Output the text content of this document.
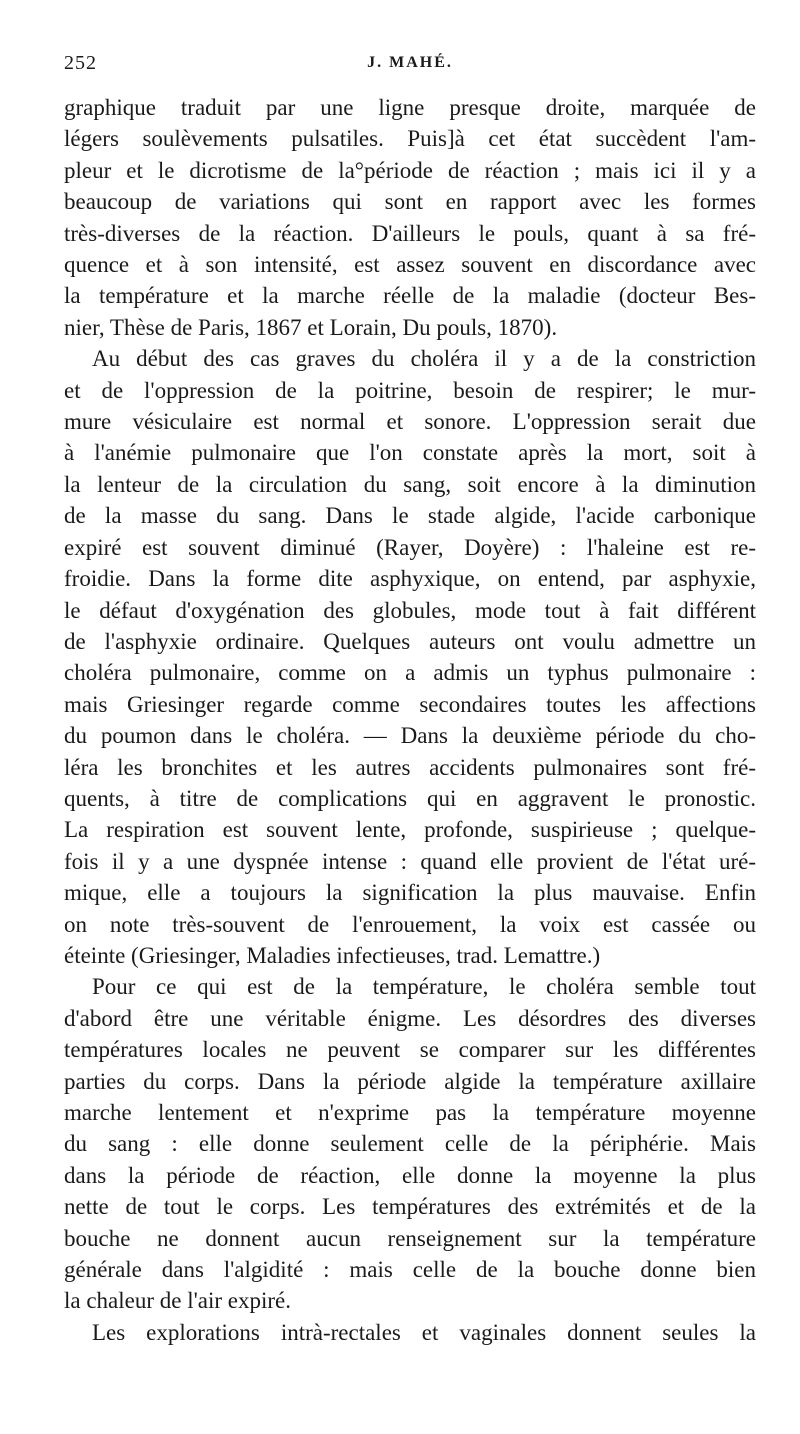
252	J. MAHÉ.

graphique traduit par une ligne presque droite, marquée de
légers soulèvements pulsatiles. Puis]à cet état succèdent l'am-
pleur et le dicrotisme de la°période de réaction ; mais ici il y a
beaucoup de variations qui sont en rapport avec les formes
très-diverses de la réaction. D'ailleurs le pouls, quant à sa fré-
quence et à son intensité, est assez souvent en discordance avec
la température et la marche réelle de la maladie (docteur Bes-
nier, Thèse de Paris, 1867 et Lorain, Du pouls, 1870).

Au début des cas graves du choléra il y a de la constriction
et de l'oppression de la poitrine, besoin de respirer; le mur-
mure vésiculaire est normal et sonore. L'oppression serait due
à l'anémie pulmonaire que l'on constate après la mort, soit à
la lenteur de la circulation du sang, soit encore à la diminution
de la masse du sang. Dans le stade algide, l'acide carbonique
expiré est souvent diminué (Rayer, Doyère) : l'haleine est re-
froidie. Dans la forme dite asphyxique, on entend, par asphyxie,
le défaut d'oxygénation des globules, mode tout à fait différent
de l'asphyxie ordinaire. Quelques auteurs ont voulu admettre un
choléra pulmonaire, comme on a admis un typhus pulmonaire :
mais Griesinger regarde comme secondaires toutes les affections
du poumon dans le choléra. — Dans la deuxième période du cho-
léra les bronchites et les autres accidents pulmonaires sont fré-
quents, à titre de complications qui en aggravent le pronostic.
La respiration est souvent lente, profonde, suspirieuse ; quelque-
fois il y a une dyspnée intense : quand elle provient de l'état uré-
mique, elle a toujours la signification la plus mauvaise. Enfin
on note très-souvent de l'enrouement, la voix est cassée ou
éteinte (Griesinger, Maladies infectieuses, trad. Lemattre.)

Pour ce qui est de la température, le choléra semble tout
d'abord être une véritable énigme. Les désordres des diverses
températures locales ne peuvent se comparer sur les différentes
parties du corps. Dans la période algide la température axillaire
marche lentement et n'exprime pas la température moyenne
du sang : elle donne seulement celle de la périphérie. Mais
dans la période de réaction, elle donne la moyenne la plus
nette de tout le corps. Les températures des extrémités et de la
bouche ne donnent aucun renseignement sur la température
générale dans l'algidité : mais celle de la bouche donne bien
la chaleur de l'air expiré.

Les explorations intrà-rectales et vaginales donnent seules la
